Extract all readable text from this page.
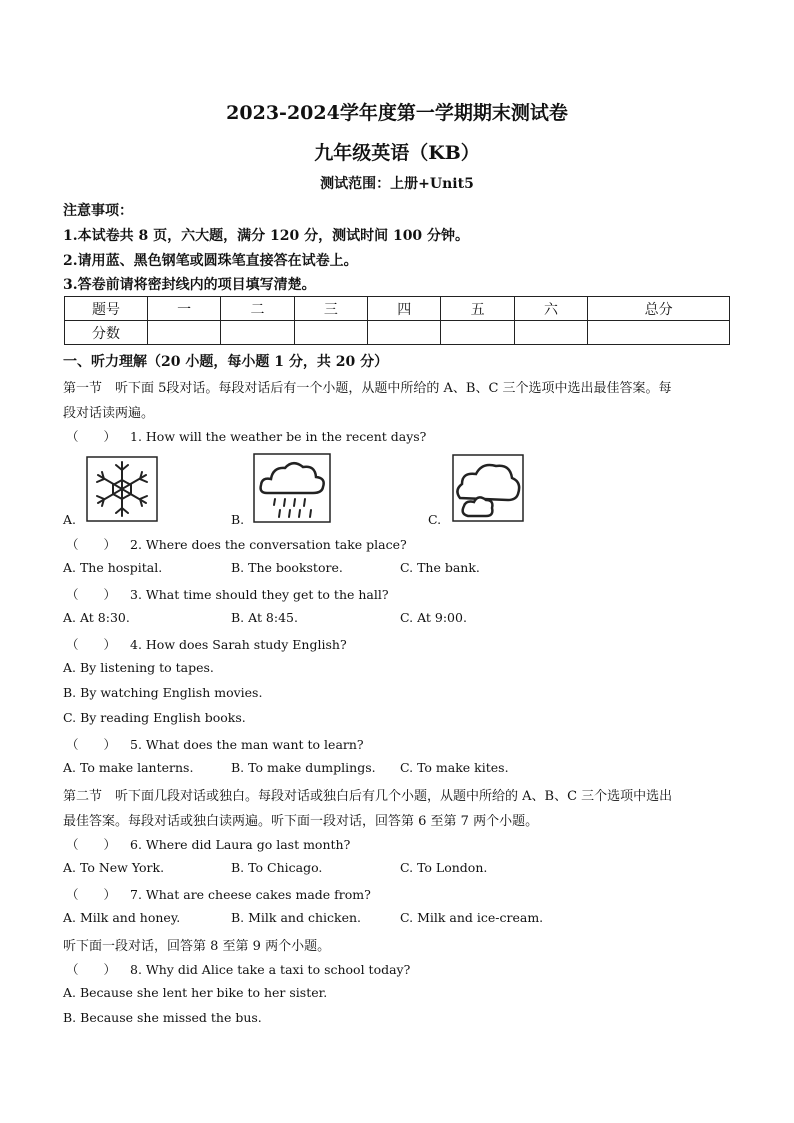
2023-2024学年度第一学期期末测试卷
九年级英语（KB）
测试范围：上册+Unit5
注意事项：
1.本试卷共 8 页，六大题，满分 120 分，测试时间 100 分钟。
2.请用蓝、黑色钢笔或圆珠笔直接答在试卷上。
3.答卷前请将密封线内的项目填写清楚。
题号	一	二	三	四	五	六	总分
分数							
一、听力理解（20 小题，每小题 1 分，共 20 分）
第一节　听下面 5段对话。每段对话后有一个小题，从题中所给的 A、B、C 三个选项中选出最佳答案。每
段对话读两遍。
（　　） 1. How will the weather be in the recent days?
A.	B.	C.
（　　） 2. Where does the conversation take place?
A. The hospital.	B. The bookstore.	C. The bank.
（　　） 3. What time should they get to the hall?
A. At 8:30.	B. At 8:45.	C. At 9:00.
（　　） 4. How does Sarah study English?
A. By listening to tapes.
B. By watching English movies.
C. By reading English books.
（　　） 5. What does the man want to learn?
A. To make lanterns.	B. To make dumplings. C. To make kites.
第二节　听下面几段对话或独白。每段对话或独白后有几个小题，从题中所给的 A、B、C 三个选项中选出
最佳答案。每段对话或独白读两遍。听下面一段对话，回答第 6 至第 7 两个小题。
（　　） 6. Where did Laura go last month?
A. To New York.	B. To Chicago.	C. To London.
（　　） 7. What are cheese cakes made from?
A. Milk and honey.	B. Milk and chicken.	C. Milk and ice-cream.
听下面一段对话，回答第 8 至第 9 两个小题。
（　　） 8. Why did Alice take a taxi to school today?
A. Because she lent her bike to her sister.
B. Because she missed the bus.
